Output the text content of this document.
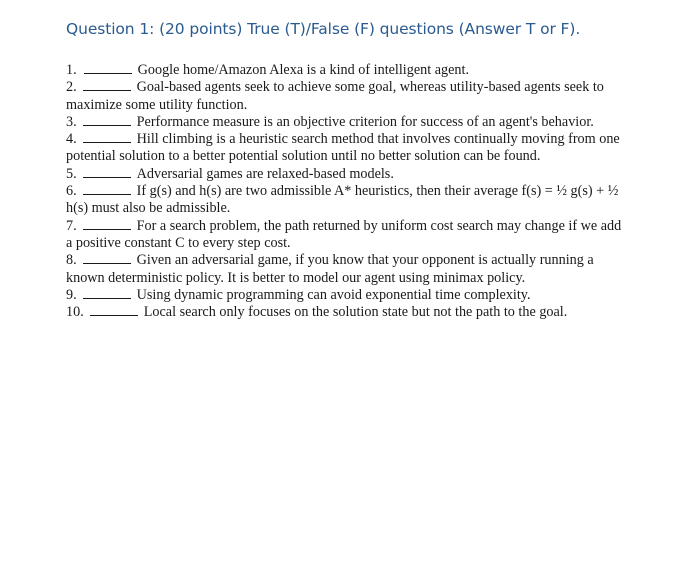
Question 1: (20 points) True (T)/False (F) questions (Answer T or F).
1.	Google home/Amazon Alexa is a kind of intelligent agent.
2.	Goal-based agents seek to achieve some goal, whereas utility-based agents seek to
maximize some utility function.
3.	Performance measure is an objective criterion for success of an agent's behavior.
4.	Hill climbing is a heuristic search method that involves continually moving from one
potential solution to a better potential solution until no better solution can be found.
5.	Adversarial games are relaxed-based models.
6.	If g(s) and h(s) are two admissible A* heuristics, then their average f(s) = ½ g(s) + ½
h(s) must also be admissible.
7.	For a search problem, the path returned by uniform cost search may change if we add
a positive constant C to every step cost.
8.	Given an adversarial game, if you know that your opponent is actually running a
known deterministic policy. It is better to model our agent using minimax policy.
9.	Using dynamic programming can avoid exponential time complexity.
10.	Local search only focuses on the solution state but not the path to the goal.
